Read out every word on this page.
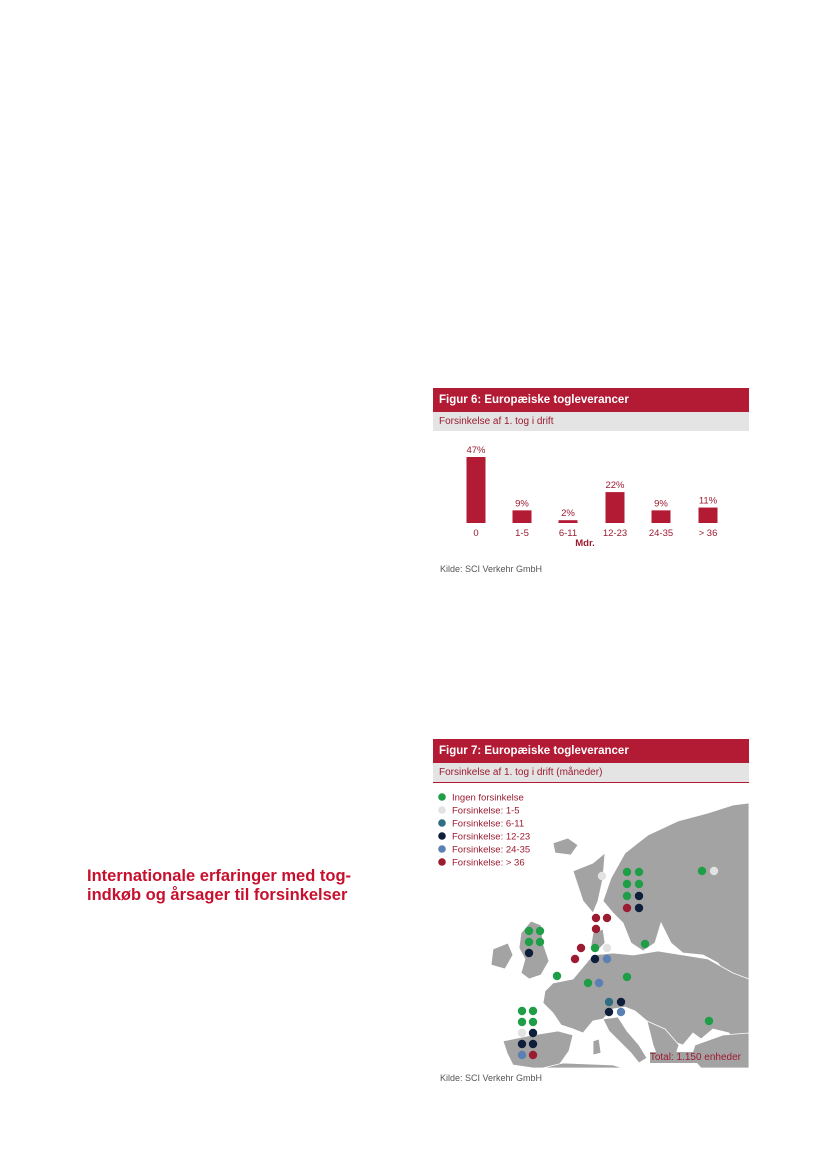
Figur 6: Europæiske togleverancer
Forsinkelse af 1. tog i drift
47%
0
9%
1-5
2%
6-11
22%
12-23
9%
24-35
11%
> 36
Mdr.
Kilde: SCI Verkehr GmbH
Figur 7: Europæiske togleverancer
Forsinkelse af 1. tog i drift (måneder)
Ingen forsinkelse
Forsinkelse: 1-5
Forsinkelse: 6-11
Forsinkelse: 12-23
Forsinkelse: 24-35
Forsinkelse: > 36
Total: 1.150 enheder
Kilde: SCI Verkehr GmbH
Internationale erfaringer med tog-indkøb og årsager til forsinkelser
